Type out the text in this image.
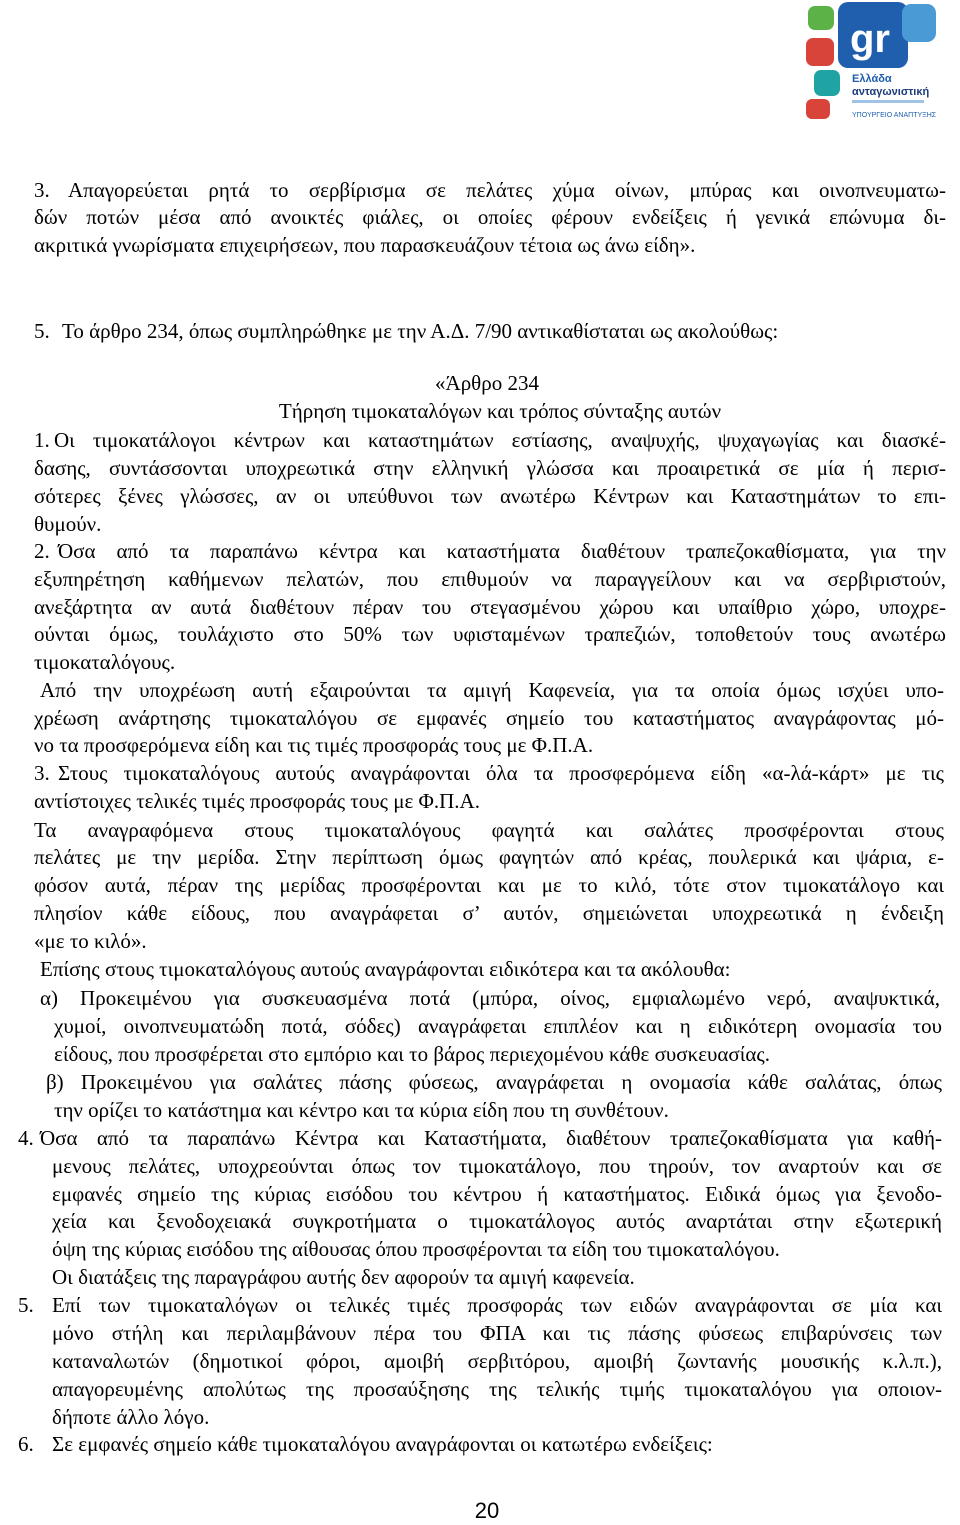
gr
Ελλάδα
ανταγωνιστική
ΥΠΟΥΡΓΕΙΟ ΑΝΑΠΤΥΞΗΣ
3. Απαγορεύεται ρητά το σερβίρισμα σε πελάτες χύμα οίνων, μπύρας και οινοπνευματω-
δών ποτών μέσα από ανοικτές φιάλες, οι οποίες φέρουν ενδείξεις ή γενικά επώνυμα δι-
ακριτικά γνωρίσματα επιχειρήσεων, που παρασκευάζουν τέτοια ως άνω είδη».
5. Το άρθρο 234, όπως συμπληρώθηκε με την Α.Δ. 7/90 αντικαθίσταται ως ακολούθως:
«Άρθρο 234
Τήρηση τιμοκαταλόγων και τρόπος σύνταξης αυτών
1. Οι τιμοκατάλογοι κέντρων και καταστημάτων εστίασης, αναψυχής, ψυχαγωγίας και διασκέ-
δασης, συντάσσονται υποχρεωτικά στην ελληνική γλώσσα και προαιρετικά σε μία ή περισ-
σότερες ξένες γλώσσες, αν οι υπεύθυνοι των ανωτέρω Κέντρων και Καταστημάτων το επι-
θυμούν.
2. Όσα από τα παραπάνω κέντρα και καταστήματα διαθέτουν τραπεζοκαθίσματα, για την
εξυπηρέτηση καθήμενων πελατών, που επιθυμούν να παραγγείλουν και να σερβιριστούν,
ανεξάρτητα αν αυτά διαθέτουν πέραν του στεγασμένου χώρου και υπαίθριο χώρο, υποχρε-
ούνται όμως, τουλάχιστο στο 50% των υφισταμένων τραπεζιών, τοποθετούν τους ανωτέρω
τιμοκαταλόγους.
Από την υποχρέωση αυτή εξαιρούνται τα αμιγή Καφενεία, για τα οποία όμως ισχύει υπο-
χρέωση ανάρτησης τιμοκαταλόγου σε εμφανές σημείο του καταστήματος αναγράφοντας μό-
νο τα προσφερόμενα είδη και τις τιμές προσφοράς τους με Φ.Π.Α.
3. Στους τιμοκαταλόγους αυτούς αναγράφονται όλα τα προσφερόμενα είδη «α-λά-κάρτ» με τις
αντίστοιχες τελικές τιμές προσφοράς τους με Φ.Π.Α.
Τα αναγραφόμενα στους τιμοκαταλόγους φαγητά και σαλάτες προσφέρονται στους
πελάτες με την μερίδα. Στην περίπτωση όμως φαγητών από κρέας, πουλερικά και ψάρια, ε-
φόσον αυτά, πέραν της μερίδας προσφέρονται και με το κιλό, τότε στον τιμοκατάλογο και
πλησίον κάθε είδους, που αναγράφεται σ’ αυτόν, σημειώνεται υποχρεωτικά η ένδειξη
«με το κιλό».
Επίσης στους τιμοκαταλόγους αυτούς αναγράφονται ειδικότερα και τα ακόλουθα:
α) Προκειμένου για συσκευασμένα ποτά (μπύρα, οίνος, εμφιαλωμένο νερό, αναψυκτικά,
χυμοί, οινοπνευματώδη ποτά, σόδες) αναγράφεται επιπλέον και η ειδικότερη ονομασία του
είδους, που προσφέρεται στο εμπόριο και το βάρος περιεχομένου κάθε συσκευασίας.
β) Προκειμένου για σαλάτες πάσης φύσεως, αναγράφεται η ονομασία κάθε σαλάτας, όπως
την ορίζει το κατάστημα και κέντρο και τα κύρια είδη που τη συνθέτουν.
4. Όσα από τα παραπάνω Κέντρα και Καταστήματα, διαθέτουν τραπεζοκαθίσματα για καθή-
μενους πελάτες, υποχρεούνται όπως τον τιμοκατάλογο, που τηρούν, τον αναρτούν και σε
εμφανές σημείο της κύριας εισόδου του κέντρου ή καταστήματος. Ειδικά όμως για ξενοδο-
χεία και ξενοδοχειακά συγκροτήματα ο τιμοκατάλογος αυτός αναρτάται στην εξωτερική
όψη της κύριας εισόδου της αίθουσας όπου προσφέρονται τα είδη του τιμοκαταλόγου.
Οι διατάξεις της παραγράφου αυτής δεν αφορούν τα αμιγή καφενεία.
5. Επί των τιμοκαταλόγων οι τελικές τιμές προσφοράς των ειδών αναγράφονται σε μία και
μόνο στήλη και περιλαμβάνουν πέρα του ΦΠΑ και τις πάσης φύσεως επιβαρύνσεις των
καταναλωτών (δημοτικοί φόροι, αμοιβή σερβιτόρου, αμοιβή ζωντανής μουσικής κ.λ.π.),
απαγορευμένης απολύτως της προσαύξησης της τελικής τιμής τιμοκαταλόγου για οποιον-
δήποτε άλλο λόγο.
6. Σε εμφανές σημείο κάθε τιμοκαταλόγου αναγράφονται οι κατωτέρω ενδείξεις:
20
